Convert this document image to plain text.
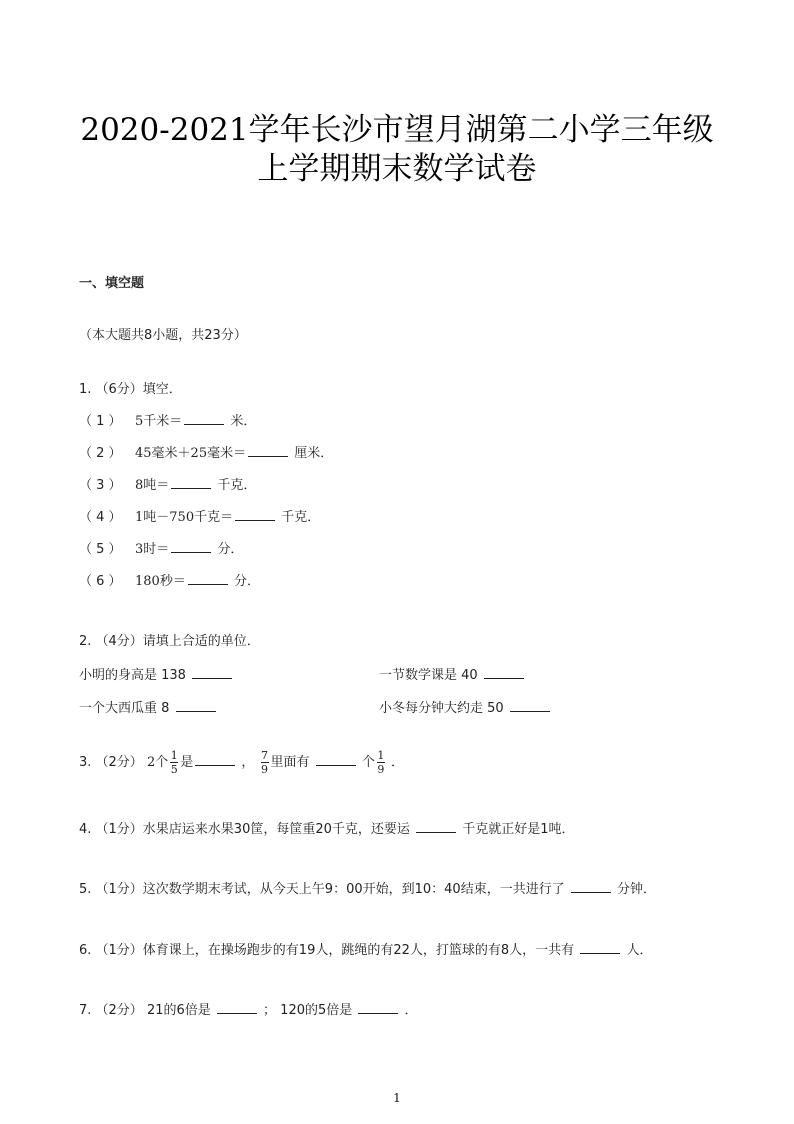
2020-2021学年长沙市望月湖第二小学三年级
上学期期末数学试卷
一、填空题
（本大题共8小题，共23分）
1. （6分）填空．
（ 1 ） 5千米＝	米．
（ 2 ） 45毫米＋25毫米＝	厘米．
（ 3 ） 8吨＝	千克．
（ 4 ） 1吨－750千克＝	千克．
（ 5 ） 3时＝	分．
（ 6 ） 180秒＝	分．
2. （4分）请填上合适的单位．
小明的身高是 138	一节数学课是 40
一个大西瓜重 8	小冬每分钟大约走 50
3. （2分） 2个 $\frac{1}{5}$ 是	， $\frac{7}{9}$ 里面有	个 $\frac{1}{9}$ ．
4. （1分）水果店运来水果30筐，每筐重20千克，还要运	千克就正好是1吨．
5. （1分）这次数学期末考试，从今天上午9：00开始，到10：40结束，一共进行了	分钟．
6. （1分）体育课上，在操场跑步的有19人，跳绳的有22人，打篮球的有8人，一共有	人．
7. （2分） 21的6倍是	； 120的5倍是	．
1
